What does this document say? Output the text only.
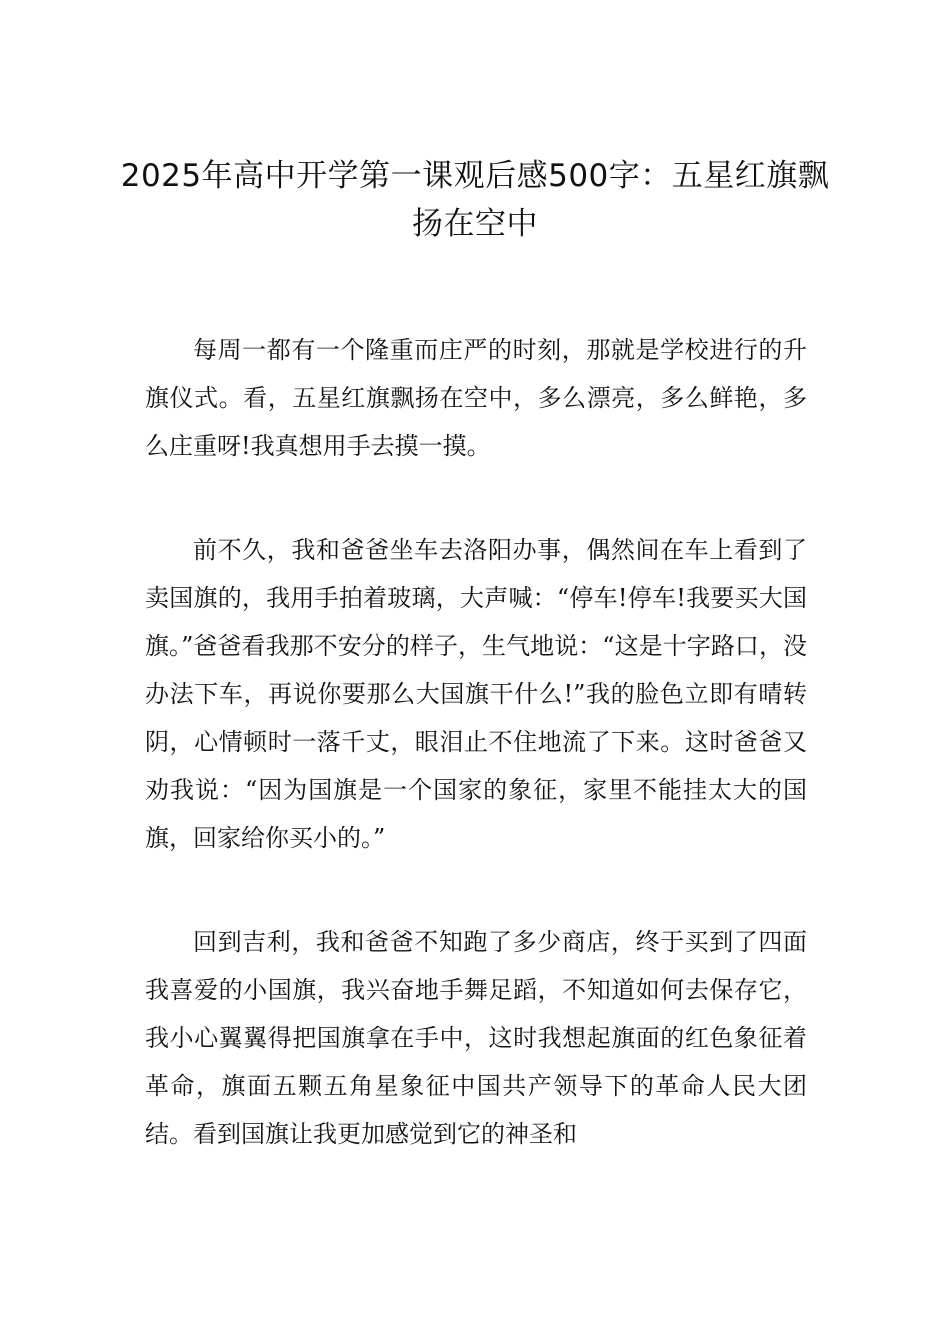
2025年高中开学第一课观后感500字：五星红旗飘扬在空中

每周一都有一个隆重而庄严的时刻，那就是学校进行的升旗仪式。看，五星红旗飘扬在空中，多么漂亮，多么鲜艳，多么庄重呀!我真想用手去摸一摸。

前不久，我和爸爸坐车去洛阳办事，偶然间在车上看到了卖国旗的，我用手拍着玻璃，大声喊：“停车!停车!我要买大国旗。”爸爸看我那不安分的样子，生气地说：“这是十字路口，没办法下车，再说你要那么大国旗干什么!”我的脸色立即有晴转阴，心情顿时一落千丈，眼泪止不住地流了下来。这时爸爸又劝我说：“因为国旗是一个国家的象征，家里不能挂太大的国旗，回家给你买小的。”

回到吉利，我和爸爸不知跑了多少商店，终于买到了四面我喜爱的小国旗，我兴奋地手舞足蹈，不知道如何去保存它，我小心翼翼得把国旗拿在手中，这时我想起旗面的红色象征着革命，旗面五颗五角星象征中国共产领导下的革命人民大团结。看到国旗让我更加感觉到它的神圣和
